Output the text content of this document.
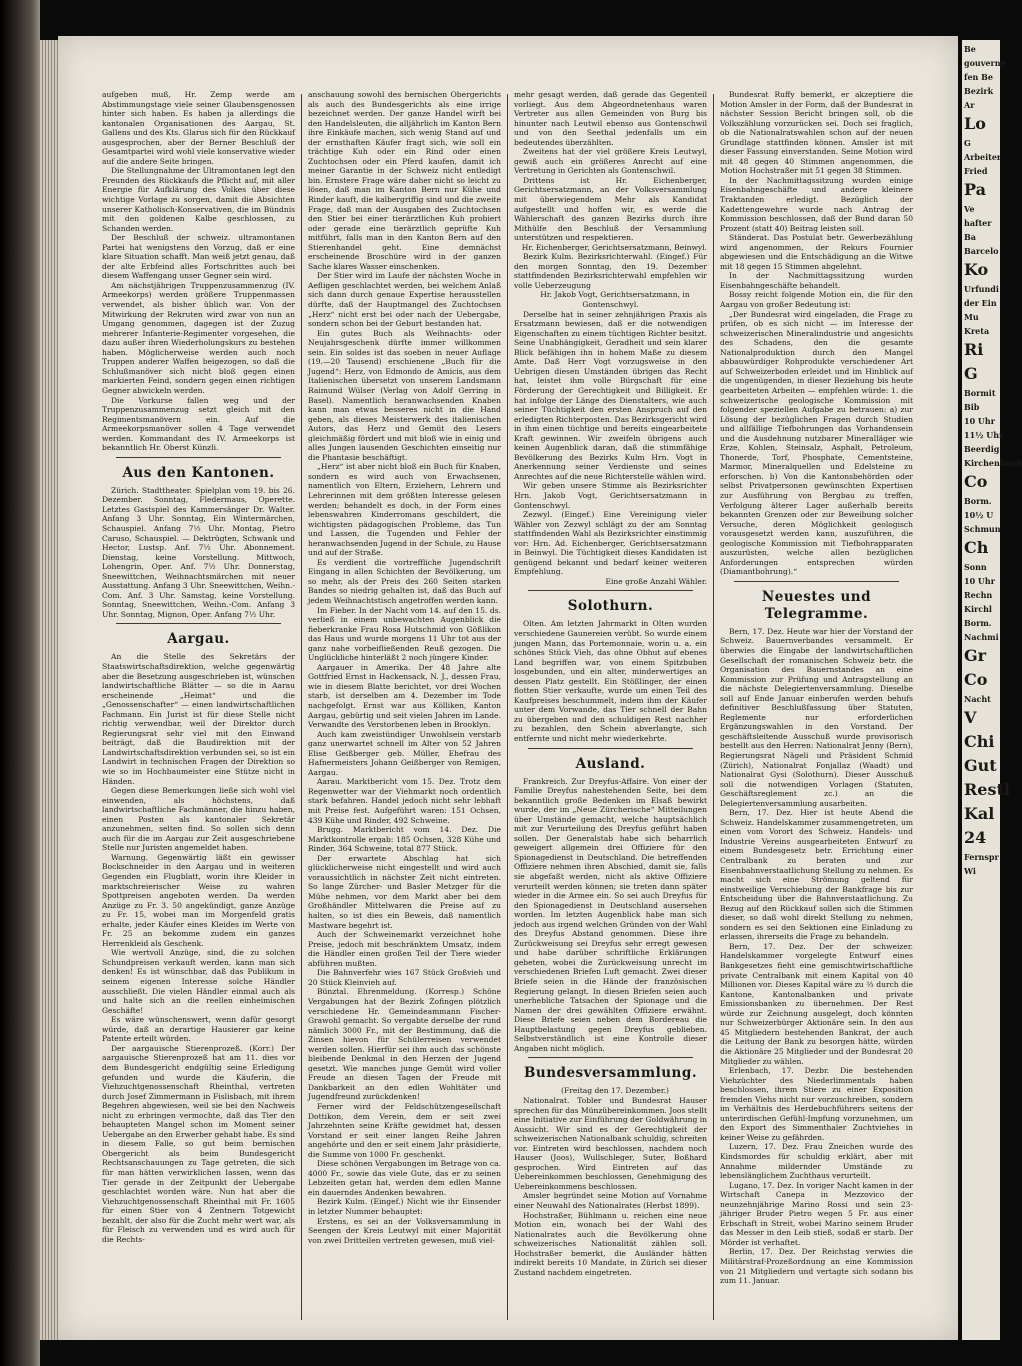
aufgeben muß, Hr. Zemp werde am Abstimmungstage viele seiner Glaubensgenossen hinter sich haben. Es haben ja allerdings die kantonalen Organisationen des Aargau, St. Gallens und des Kts. Glarus sich für den Rückkauf ausgesprochen, aber der Berner Beschluß der Gesamtpartei wird wohl viele konservative wieder auf die andere Seite bringen.

Die Stellungnahme der Ultramontanen legt den Freunden des Rückkaufs die Pflicht auf, mit aller Energie für Aufklärung des Volkes über diese wichtige Vorlage zu sorgen, damit die Absichten unserer Katholisch-Konservativen, die im Bündnis mit den goldenen Kalbe geschlossen, zu Schanden werden.

Der Beschluß der schweiz. ultramontanen Partei hat wenigstens den Vorzug, daß er eine klare Situation schafft. Man weiß jetzt genau, daß der alte Erbfeind alles Fortschrittes auch bei diesem Waffengang unser Gegner sein wird.

Am nächstjährigen Truppenzusammenzug (IV. Armeekorps) werden größere Truppenmassen verwendet, als bisher üblich war. Von der Mitwirkung der Rekruten wird zwar von nun an Umgang genommen, dagegen ist der Zuzug mehrerer Infanterie-Regimenter vorgesehen, die dazu außer ihren Wiederholungskurs zu bestehen haben. Möglicherweise werden auch noch Truppen anderer Waffen beigezogen, so daß die Schlußmanöver sich nicht bloß gegen einen markierten Feind, sondern gegen einen richtigen Gegner abwickeln werden.

Die Vorkurse fallen weg und der Truppenzusammenzug setzt gleich mit den Regimentsmanövern ein. Auf die Armeekorpsmanöver sollen 4 Tage verwendet werden. Kommandant des IV. Armeekorps ist bekanntlich Hr. Oberst Künzli.

Aus den Kantonen.

Zürich. Stadttheater. Spielplan vom 19. bis 26. Dezember. Sonntag, Fledermaus, Operette. Letztes Gastspiel des Kammersänger Dr. Walter. Anfang 3 Uhr. Sonntag, Ein Wintermärchen, Schauspiel. Anfang 7½ Uhr. Montag, Pietro Caruso, Schauspiel. — Dektrügten, Schwank und Hector, Lustsp. Anf. 7½ Uhr. Abonnement. Dienstag, keine Vorstellung. Mittwoch, Lohengrin, Oper. Anf. 7½ Uhr. Donnerstag, Sneewittchen, Weihnachtsmärchen mit neuer Ausstattung. Anfang 3 Uhr. Sneewittchen, Weihn.-Com. Anf. 3 Uhr. Samstag, keine Vorstellung. Sonntag, Sneewittchen, Weihn.-Com. Anfang 3 Uhr. Sonntag, Mignon, Oper. Anfang 7½ Uhr.

Aargau.

An die Stelle des Sekretärs der Staatswirtschaftsdirektion, welche gegenwärtig aber die Besetzung ausgeschrieben ist, wünschen landwirtschaftliche Blätter — so die in Aarau erscheinende „Heimat“ und die „Genossenschafter“ — einen landwirtschaftlichen Fachmann. Ein Jurist ist für diese Stelle nicht richtig verwendbar, weil der Direktor durch Regierungsrat sehr viel mit den Einwand beiträgt, daß die Baudirektion mit der Landwirtschaftsdirektion verbunden sei, so ist ein Landwirt in technischen Fragen der Direktion so wie so im Hochbaumeister eine Stütze nicht in Händen.

Gegen diese Bemerkungen ließe sich wohl viel einwenden, als höchstens, daß landwirtschaftliche Fachmänner, die hinzu haben, einen Posten als kantonaler Sekretär anzunehmen, selten find. So sollen sich denn auch für die im Aargau zur Zeit ausgeschriebene Stelle nur Juristen angemeldet haben.

Warnung. Gegenwärtig läßt ein gewisser Bockschneider in den Aargau und in weiteren Gegenden ein Flugblatt, worin ihre Kleider in marktschreierischer Weise zu wahren Spottpreisen angeboten werden. Da werden Anzüge zu Fr. 3. 50 angekündigt, ganze Anzüge zu Fr. 15, wobei man im Morgenfeld gratis erhalte, jeder Käufer eines Kleides im Werte von Fr. 25 an bekomme zudem ein ganzes Herrenkleid als Geschenk.

Wie wertvoll Anzüge, sind, die zu solchen Schundpreisen verkauft werden, kann man sich denken! Es ist wünschbar, daß das Publikum in seinem eigenen Interesse solche Händler ausschließt. Die vielen Händler einmal auch als und halte sich an die reellen einheimischen Geschäfte!

Es wäre wünschenswert, wenn dafür gesorgt würde, daß an derartige Hausierer gar keine Patente erteilt würden.

Der aargauische Stierenprozeß. (Korr.) Der aargauische Stierenprozeß hat am 11. dies vor dem Bundesgericht endgültig seine Erledigung gefunden und wurde die Käuferin, die Viehzuchtgenossenschaft Rheinthal, vertreten durch Josef Zimmermann in Fislisbach, mit ihrem Begehren abgewiesen, weil sie bei den Nachweis nicht zu erbringen vermochte, daß das Tier den behaupteten Mangel schon im Moment seiner Uebergabe an den Erwerber gehabt habe. Es sind in diesem Falle, so gut beim bernischen Obergericht als beim Bundesgericht Rechtsanschauungen zu Tage getreten, die sich für man hätten verwirklichen lassen, wenn das Tier gerade in der Zeitpunkt der Uebergabe geschlachtet worden wäre. Nun hat aber die Viehzuchtgenossenschaft Rheinthal mit Fr. 1605 für einen Stier von 4 Zentnern Totgewicht bezahlt, der also für die Zucht mehr wert war, als für Fleisch zu verwenden und es wird auch für die Rechts-

anschauung sowohl des bernischen Obergerichts als auch des Bundesgerichts als eine irrige bezeichnet werden. Der ganze Handel wirft bei den Handelsleuten, die alljährlich im Kanton Bern ihre Einkäufe machen, sich wenig Stand auf und der ernsthaften Käufer fragt sich, wie soll ein trächtige Kuh oder ein Rind oder einen Zuchtochsen oder ein Pferd kaufen, damit ich meiner Garantie in der Schweiz nicht entledigt bin. Ernstere Frage wäre daher nicht so leicht zu lösen, daß man im Kanton Bern nur Kühe und Rinder kauft, die kalbergriffig sind und die zweite Frage, daß man der Ausgaben des Zuchtochsen den Stier bei einer tierärztlichen Kuh probiert oder gerade eine tierärztlich geprüfte Kuh mitführt, falls man in den Kanton Bern auf den Stierenhandel geht. Eine demnächst erscheinende Broschüre wird in der ganzen Sache klares Wasser einschenken.

Der Stier wird im Laufe der nächsten Woche in Aefligen geschlachtet werden, bei welchem Anlaß sich dann durch genaue Expertise herausstellen dürfte, daß der Hauptmangel des Zuchtochsen „Herz“ nicht erst bei oder nach der Uebergabe, sondern schon bei der Geburt bestanden hat.

Ein gutes Buch als Weihnachts- oder Neujahrsgeschenk dürfte immer willkommen sein. Ein soldes ist das soeben in neuer Auflage (19.—20 Tausend) erschienene „Buch für die Jugend“: Herz, von Edmondo de Amicis, aus dem Italienischen übersetzt von unserem Landsmann Raimund Wülser (Verlag von Adolf Gerring in Basel). Namentlich heranwachsenden Knaben kann man etwas besseres nicht in die Hand geben, als dieses Meisterwerk des italienischen Autors, das Herz und Gemüt des Lesers gleichmäßig fördert und mit bloß wie in einig und alles Jungen lausenden Geschichten einseitig nur die Phantasie beschäftigt.

„Herz“ ist aber nicht bloß ein Buch für Knaben, sondern es wird auch von Erwachsenen, namentlich von Eltern, Erziehern, Lehrern und Lehrerinnen mit dem größten Interesse gelesen werden; behandelt es doch, in der Form eines lebenswahren Kinderromans geschildert, die wichtigsten pädagogischen Probleme, das Tun und Lassen, die Tugenden und Fehler der heranwachsenden Jugend in der Schule, zu Hause und auf der Straße.

Es verdient die vortreffliche Jugendschrift Eingang in allen Schichten der Bevölkerung, um so mehr, als der Preis des 260 Seiten starken Bandes so niedrig gehalten ist, daß das Buch auf jedem Weihnachtstisch angetroffen werden kann.

Im Fieber. In der Nacht vom 14. auf den 15. ds. verließ in einem unbewachten Augenblick die fieberkranke Frau Rosa Hutschmid von Gößlikon das Haus und wurde morgens 11 Uhr tot aus der ganz nahe vorbeifließenden Reuß gezogen. Die Unglückliche hinterläßt 2 noch jüngere Kinder.

Aargauer in Amerika. Der 48 Jahre alte Gottfried Ernst in Hackensack, N. J., dessen Frau, wie in diesem Blatte berichtet, vor drei Wochen starb, ist derselben am 4. Dezember im Tode nachgefolgt. Ernst war aus Kölliken, Kanton Aargau, gebürtig und seit vielen Jahren im Lande. Verwandte des Verstorbenen leben in Brooklyn.

Auch kam zweistündiger Unwohlsein verstarb ganz unerwartet schnell im Alter von 52 Jahren Elise Geißberger geb. Müller, Ehefrau des Hafnermeisters Johann Geißberger von Remigen, Aargau.

Aarau. Marktbericht vom 15. Dez. Trotz dem Regenwetter war der Viehmarkt noch ordentlich stark befahren. Handel jedoch nicht sehr lebhaft mit Preise fest. Aufgeführt waren: 151 Ochsen, 439 Kühe und Rinder, 492 Schweine.

Brugg. Marktbericht vom 14. Dez. Die Marktkontrolle ergab: 185 Ochsen, 328 Kühe und Rinder, 364 Schweine, total 877 Stück.

Der erwartete Abschlag hat sich glücklicherweise nicht eingestellt und wird auch voraussichtlich in nächster Zeit nicht eintreten. So lange Zürcher- und Basler Metzger für die Mühe nehmen, vor dem Markt aber bei dem Großhändler Mittelwaren die Preise auf zu halten, so ist dies ein Beweis, daß namentlich Mastware begehrt ist.

Auch der Schweinemarkt verzeichnet hohe Preise, jedoch mit beschränktem Umsatz, indem die Händler einen großen Teil der Tiere wieder abführen mußten.

Die Bahnverfehr wies 167 Stück Großvieh und 20 Stück Kleinvieh auf.

Bünztal. Ehrenmeldung. (Korresp.) Schöne Vergabungen hat der Bezirk Zofingen plötzlich verschiedene Hr. Gemeindeammann Fischer-Grawohl gemacht. So vergabte derselbe der rund nämlich 3000 Fr., mit der Bestimmung, daß die Zinsen hievon für Schülerreisen verwendet werden sollen. Hierfür sei ihm auch das schönste bleibende Denkmal in den Herzen der Jugend gesetzt. Wie manches junge Gemüt wird voller Freude an diesen Tagen der Freude mit Dankbarkeit an den edlen Wohltäter und Jugendfreund zurückdenken!

Ferner wird der Feldschützengesellschaft Dottikon, dem Verein, dem er seit zwei Jahrzehnten seine Kräfte gewidmet hat, dessen Vorstand er seit einer langen Reihe Jahren angehörte und den er seit einem Jahr präsidierte, die Summe von 1000 Fr. geschenkt.

Diese schönen Vergabungen im Betrage von ca. 4000 Fr., sowie das viele Gute, das er zu seinen Lebzeiten getan hat, werden dem edlen Manne ein dauerndes Andenken bewahren.

Bezirk Kulm. (Eingef.) Nicht wie ihr Einsender in letzter Nummer behauptet:

Erstens, es sei an der Volksversammlung in Seengen der Kreis Leutwyl mit einer Majorität von zwei Dritteilen vertreten gewesen, muß viel-

mehr gesagt werden, daß gerade das Gegenteil vorliegt. Aus dem Abgeordnetenhaus waren Vertreter aus allen Gemeinden von Burg bis hinunter nach Leutwil ebenso aus Gontenschwil und von den Seethal jedenfalls um ein bedeutendes überzählten.

Zweitens hat der viel größere Kreis Leutwyl, gewiß auch ein größeres Anrecht auf eine Vertretung in Gerichten als Gontenschwil.

Drittens ist Hr. Eichenberger, Gerichtsersatzmann, an der Volksversammlung mit überwiegendem Mehr als Kandidat aufgestellt und hoffen wir, es werde die Wählerschaft des ganzen Bezirks durch ihre Mithülfe den Beschluß der Versammlung unterstützen und respektieren.

Hr. Eichenberger, Gerichtsersatzmann, Beinwyl.

Bezirk Kulm. Bezirksrichterwahl. (Eingef.) Für den morgen Sonntag, den 19. Dezember stattfindenden Bezirksrichterwahl empfehlen wir volle Ueberzeugung

Hr. Jakob Vogt, Gerichtsersatzmann, in Gontenschwyl.

Derselbe hat in seiner zehnjährigen Praxis als Ersatzmann bewiesen, daß er die notwendigen Eigenschaften zu einem tüchtigen Richter besitzt. Seine Unabhängigkeit, Geradheit und sein klarer Blick befähigen ihn in hohem Maße zu diesem Amte. Daß Herr Vogt vorzugsweise in den Uebrigen diesen Umständen übrigen das Recht hat, leistet ihm volle Bürgschaft für eine Förderung der Gerechtigkeit und Billigkeit. Er hat infolge der Länge des Dienstalters, wie auch seiner Tüchtigkeit den ersten Anspruch auf den erledigten Richterposten. Das Bezirksgericht wird in ihm einen tüchtige und bereits eingearbeitete Kraft gewinnen. Wir zweifeln übrigens auch keinen Augenblick daran, daß die stimmfähige Bevölkerung des Bezirks Kulm Hrn. Vogt in Anerkennung seiner Verdienste und seines Anrechtes auf die neue Richterstelle wählen wird.

Wir geben unsere Stimme als Bezirksrichter Hrn. Jakob Vogt, Gerichtsersatzmann in Gontenschwyl.

Zezwyl. (Eingef.) Eine Vereinigung vieler Wähler von Zezwyl schlägt zu der am Sonntag stattfindenden Wahl als Bezirksrichter einstimmig vor: Hrn. Ad. Eichenberger, Gerichtsersatzmann in Beinwyl. Die Tüchtigkeit dieses Kandidaten ist genügend bekannt und bedarf keiner weiteren Empfehlung.

Eine große Anzahl Wähler.

Solothurn.

Olten. Am letzten Jahrmarkt in Olten wurden verschiedene Gaunereien verübt. So wurde einem jungen Mann, das Portemonnaie, worin u. a. ein schönes Stück Vieh, das ohne Obhut auf ebenes Land begriffen war, von einem Spitzbuben losgebunden, und ein alter, minderwertiges an dessen Platz gestellt. Ein Stößlinger, der einen flotten Stier verkaufte, wurde um einen Teil des Kaufpreises beschummelt, indem ihm der Käufer unter dem Vorwande, das Tier schnell der Bahn zu übergeben und den schuldigen Rest nachher zu bezahlen, den Schein abverlangte, sich entfernte und nicht mehr wiederkehrte.

Ausland.

Frankreich. Zur Dreyfus-Affaire. Von einer der Familie Dreyfus nahestehenden Seite, bei dem bekanntlich große Bedenken im Elsaß bewirkt wurde, der im „Neue Zürcherische“ Mitteilungen über Umstände gemacht, welche hauptsächlich mit zur Verurteilung des Dreyfus geführt haben sollen. Der Generalstab habe sich beharrlich geweigert allgemein drei Offiziere für den Spionagedienst in Deutschland. Die betreffenden Offiziere nehmen ihren Abschied, damit sie, falls sie abgefaßt werden, nicht als aktive Offiziere verurteilt werden können; sie treten dann später wieder in die Armee ein. So sei auch Dreyfus für den Spionagedienst in Deutschland ausersehen worden. Im letzten Augenblick habe man sich jedoch aus irgend welchen Gründen von der Wahl des Dreyfus Abstand genommen. Diese ihre Zurückweisung sei Dreyfus sehr erregt gewesen und habe darüber schriftliche Erklärungen gebeten, wobei die Zurückweisung unrecht im verschiedenen Briefen Luft gemacht. Zwei dieser Briefe seien in die Hände der französischen Regierung gelangt. In diesen Briefen seien auch unerhebliche Tatsachen der Spionage und die Namen der drei gewählten Offiziere erwähnt. Diese Briefe seien neben dem Bordereau die Hauptbelastung gegen Dreyfus geblieben. Selbstverständlich ist eine Kontrolle dieser Angaben nicht möglich.

Bundesversammlung.

(Freitag den 17. Dezember.)

Nationalrat. Tobler und Bundesrat Hauser sprechen für das Münzübereinkommen. Joos stellt eine Initiative zur Einführung der Goldwährung in Aussicht. Wir sind es der Gerechtigkeit der schweizerischen Nationalbank schuldig, schreiten vor. Eintreten wird beschlossen, nachdem noch Hauser (Joos), Wullschleger, Suter, Boßhard gesprochen. Wird Eintreten auf das Uebereinkommen beschlossen, Genehmigung des Uebereinkommens beschlossen.

Amsler begründet seine Motion auf Vornahme einer Neuwahl des Nationalrates (Herbst 1899).

Hochstraßer, Bühlmann u. reichen eine neue Motion ein, wonach bei der Wahl des Nationalrates auch die Bevölkerung ohne schweizerisches Nationalität zählen soll. Hochstraßer bemerkt, die Ausländer hätten indirekt bereits 10 Mandate, in Zürich sei dieser Zustand nachdem eingetreten.

Bundesrat Ruffy bemerkt, er akzeptiere die Motion Amsler in der Form, daß der Bundesrat in nächster Session Bericht bringen soll, ob die Volkszählung vorzurücken sei. Doch sei fraglich, ob die Nationalratswahlen schon auf der neuen Grundlage stattfinden können. Amsler ist mit dieser Fassung einverstanden. Seine Motion wird mit 48 gegen 40 Stimmen angenommen, die Motion Hochstraßer mit 51 gegen 38 Stimmen.

In der Nachmittagssitzung wurden einige Eisenbahngeschäfte und andere kleinere Traktanden erledigt. Bezüglich der Kadettengewehre wurde nach Antrag der Kommission beschlossen, daß der Bund daran 50 Prozent (statt 40) Beitrag leisten soll.

Ständerat. Das Postulat betr. Gewerbezählung wird angenommen, der Rekurs Fournier abgewiesen und die Entschädigung an die Witwe mit 18 gegen 15 Stimmen abgelehnt.

In der Nachmittagssitzung wurden Eisenbahngeschäfte behandelt.

Bossy reicht folgende Motion ein, die für den Aargau von großer Bedeutung ist:

„Der Bundesrat wird eingeladen, die Frage zu prüfen, ob es sich nicht — im Interesse der schweizerischen Mineralindustrie und angesichts des Schadens, den die gesamte Nationalproduktion durch den Mangel abbauwürdiger Rohprodukte verschiedener Art auf Schweizerboden erleidet und im Hinblick auf die ungenügenden, in dieser Beziehung bis heute gearbeiteten Arbeiten — empfehlen würde: 1. die schweizerische geologische Kommission mit folgender speziellen Aufgabe zu betrauen: a) zur Lösung der bezüglichen Fragen durch Studien und allfällige Tiefbohrungen das Vorhandensein und die Ausdehnung nutzbarer Mineralläger wie Erze, Kohlen, Steinsalz, Asphalt, Petroleum, Thonerde, Torf, Phosphate, Cementsteine, Marmor, Mineralquellen und Edelsteine zu erforschen. b) Von die Kantonsbehörden oder selbst Privatpersonen gewünschten Expertisen zur Ausführung von Bergbau zu treffen, Verfolgung älterer Lager außerhalb bereits bekannten Grenzen oder zur Beweibung solcher Versuche, deren Möglichkeit geologisch vorausgesetzt werden kann, auszuführen, die geologische Kommission mit Tiefbohrapparaten auszurüsten, welche allen bezüglichen Anforderungen entsprechen würden (Diamantbohrung).“

Neuestes und Telegramme.

Bern, 17. Dez. Heute war hier der Vorstand der Schweiz. Bauernverbandes versammelt. Er überwies die Eingabe der landwirtschaftlichen Gesellschaft der romanischen Schweiz betr. die Organisation des Bauernstandes an eine Kommission zur Prüfung und Antragstellung an die nächste Delegiertenversammlung. Dieselbe soll auf Ende Januar einberufen werden behufs definitiver Beschlußfassung über Statuten, Reglemente nur erforderlichen Ergänzungswahlen in den Vorstand. Der geschäftsleitende Ausschuß wurde provisorisch bestellt aus den Herren: Nationalrat Jenny (Bern), Regierungsrat Nägeli und Präsident Schmid (Zürich), Nationalrat Fonjallaz (Waadt) und Nationalrat Gysi (Solothurn). Dieser Ausschuß soll die notwendigen Vorlagen (Statuten, Geschäftsreglement zc.) an die Delegiertenversammlung ausarbeiten.

Bern, 17. Dez. Hier ist heute Abend die Schweiz. Handelskammer zusammengetreten, um einen vom Vorort des Schweiz. Handels- und Industrie Vereins ausgearbeiteten Entwurf zu einem Bundesgesetz betr. Errichtung einer Centralbank zu beraten und zur Eisenbahnverstaatlichung Stellung zu nehmen. Es macht sich eine Strömung geltend für einstweilige Verschiebung der Bankfrage bis zur Entscheidung über die Bahnverstaatlichung. Zu Bezug auf den Rückkauf sollen sich die Stimmen dieser, so daß wohl direkt Stellung zu nehmen, sondern es sei den Sektionen eine Einladung zu erlassen, ihrerseits die Frage zu behandeln.

Bern, 17. Dez. Der der schweizer. Handelskammer vorgelegte Entwurf eines Bankgesetzes fieht eine gemischtwirtschaftliche private Centralbank mit einem Kapital von 40 Millionen vor. Dieses Kapital wäre zu ⅔ durch die Kantone, Kantonalbanken und private Emissionsbanken zu übernehmen. Der Rest würde zur Zeichnung ausgelegt, doch könnten nur Schweizerbürger Aktionäre sein. In den aus 45 Mitgliedern bestehenden Bankrat, der auch die Leitung der Bank zu besorgen hätte, würden die Aktionäre 25 Mitglieder und der Bundesrat 20 Mitglieder zu wählen.

Erlenbach, 17. Dezbr. Die bestehenden Viehzüchter des Niederlimmentals haben beschlossen, ihrem Stiere zu einer Exposition fremden Viehs nicht nur vorzuschreiben, sondern im Verhältnis des Herdebuchführers seitens der unterirdischen Gefühl-Impfung vorzunehmen, um den Export des Simmenthaler Zuchtviehes in keiner Weise zu gefährden.

Luzern, 17. Dez. Frau Zneichen wurde des Kindsmordes für schuldig erklärt, aber mit Annahme mildernder Umstände zu lebenslänglichem Zuchthaus verurteilt.

Lugano, 17. Dez. In voriger Nacht kamen in der Wirtschaft Canepa in Mezzovico der neunzehnjährige Marino Rossi und sein 23-jähriger Bruder Pietro wegen 5 Fr. aus einer Erbschaft in Streit, wobei Marino seinem Bruder das Messer in den Leib stieß, sodaß er starb. Der Mörder ist verhaftet.

Berlin, 17. Dez. Der Reichstag verwies die Militärstraf-Prozeßordnung an eine Kommission von 21 Mitgliedern und vertagte sich sodann bis zum 11. Januar.

Be
gouverne
fen Be
Bezirk
Ar
Lo
G
Arbeiter
Fried
Pa
Ve
hafter
Ba
Barcelo
Ko
Urfundi
der Ein
Mu
Kreta
Ri
G
Bormit
Bib
10 Uhr
11½ Uhr
Beerdig
Kirchenbuch
Co
Borm.
10½ U
Schmun
Ch
Sonn
10 Uhr
Rechn
Kirchl
Borm.
Nachmi
Gr
Co
Nacht
V
Chi
Gut
Restl
Kal
24
Fernspr
Wi
